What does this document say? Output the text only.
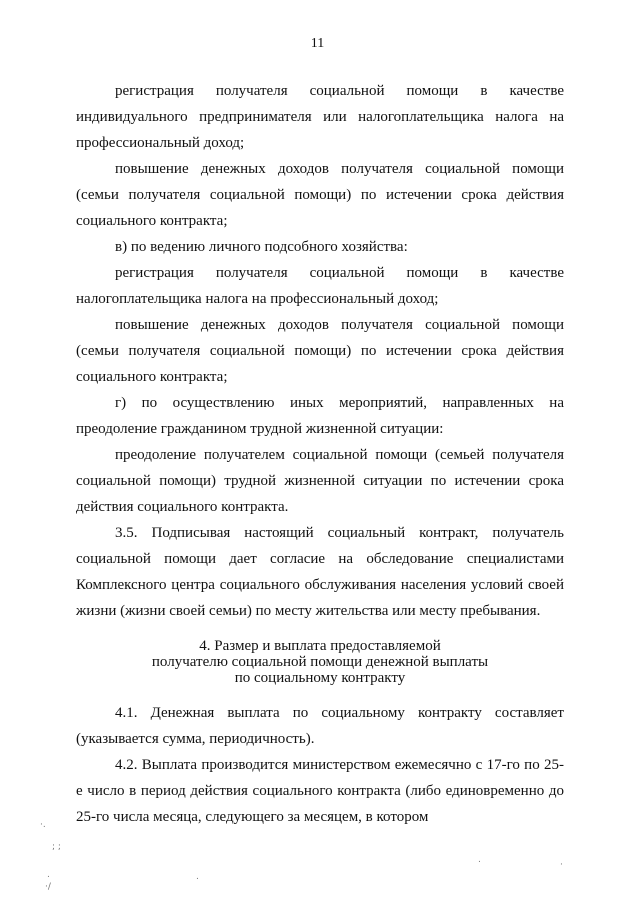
11

регистрация получателя социальной помощи в качестве индивидуального предпринимателя или налогоплательщика налога на профессиональный доход;

повышение денежных доходов получателя социальной помощи (семьи получателя социальной помощи) по истечении срока действия социального контракта;

в) по ведению личного подсобного хозяйства:

регистрация получателя социальной помощи в качестве налогоплательщика налога на профессиональный доход;

повышение денежных доходов получателя социальной помощи (семьи получателя социальной помощи) по истечении срока действия социального контракта;

г) по осуществлению иных мероприятий, направленных на преодоление гражданином трудной жизненной ситуации:

преодоление получателем социальной помощи (семьей получателя социальной помощи) трудной жизненной ситуации по истечении срока действия социального контракта.

3.5. Подписывая настоящий социальный контракт, получатель социальной помощи дает согласие на обследование специалистами Комплексного центра социального обслуживания населения условий своей жизни (жизни своей семьи) по месту жительства или месту пребывания.

4. Размер и выплата предоставляемой
получателю социальной помощи денежной выплаты
по социальному контракту

4.1. Денежная выплата по социальному контракту составляет (указывается сумма, периодичность).

4.2. Выплата производится министерством ежемесячно с 17-го по 25-е число в период действия социального контракта (либо единовременно до 25-го числа месяца, следующего за месяцем, в котором

·.
; ;
.
·/
.
.	·
